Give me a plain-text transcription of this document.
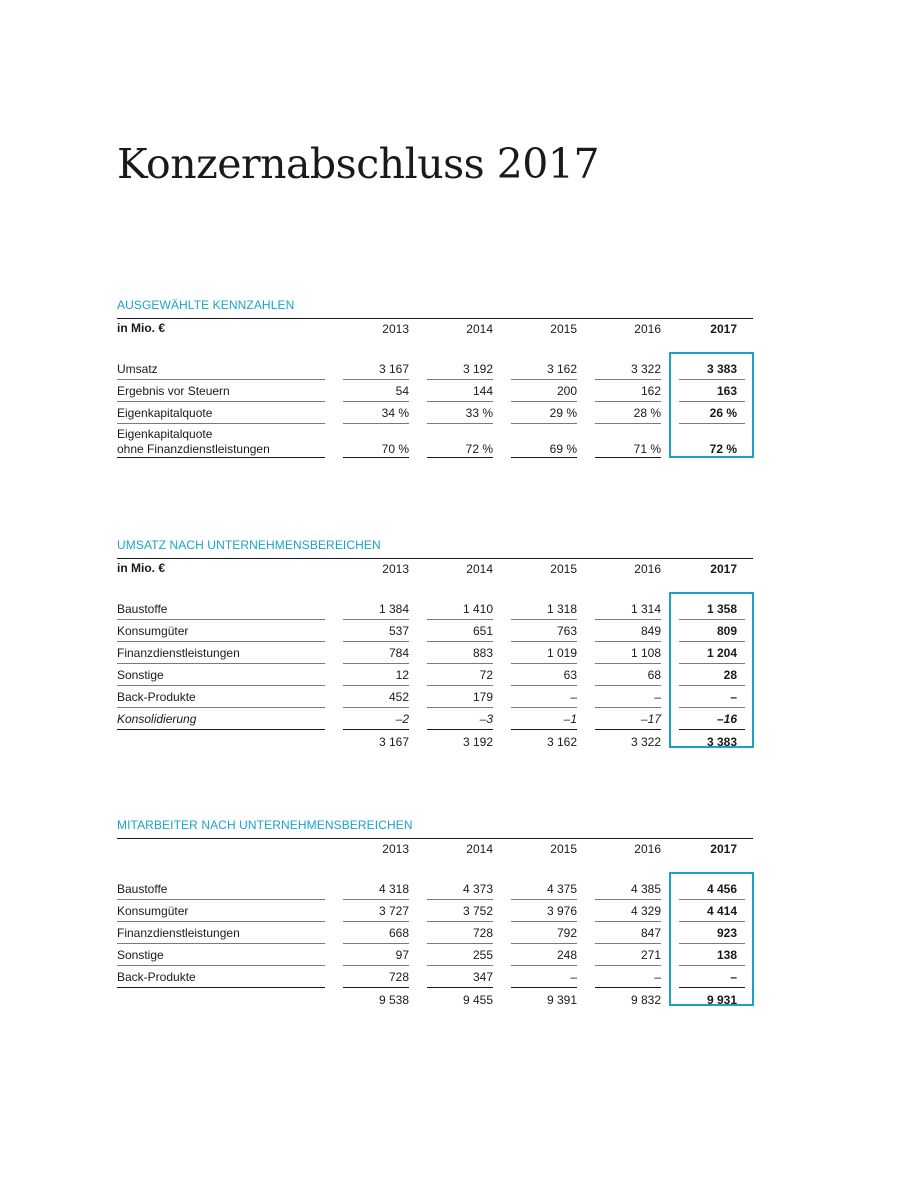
Konzernabschluss 2017
AUSGEWÄHLTE KENNZAHLEN
in Mio. €	2013	2014	2015	2016	2017
Umsatz	3 167	3 192	3 162	3 322	3 383
Ergebnis vor Steuern	54	144	200	162	163
Eigenkapitalquote	34 %	33 %	29 %	28 %	26 %
Eigenkapitalquote
ohne Finanzdienstleistungen	70 %	72 %	69 %	71 %	72 %
UMSATZ NACH UNTERNEHMENSBEREICHEN
in Mio. €	2013	2014	2015	2016	2017
Baustoffe	1 384	1 410	1 318	1 314	1 358
Konsumgüter	537	651	763	849	809
Finanzdienstleistungen	784	883	1 019	1 108	1 204
Sonstige	12	72	63	68	28
Back-Produkte	452	179	–	–	–
Konsolidierung	–2	–3	–1	–17	–16
3 167	3 192	3 162	3 322	3 383
MITARBEITER NACH UNTERNEHMENSBEREICHEN
2013	2014	2015	2016	2017
Baustoffe	4 318	4 373	4 375	4 385	4 456
Konsumgüter	3 727	3 752	3 976	4 329	4 414
Finanzdienstleistungen	668	728	792	847	923
Sonstige	97	255	248	271	138
Back-Produkte	728	347	–	–	–
9 538	9 455	9 391	9 832	9 931
